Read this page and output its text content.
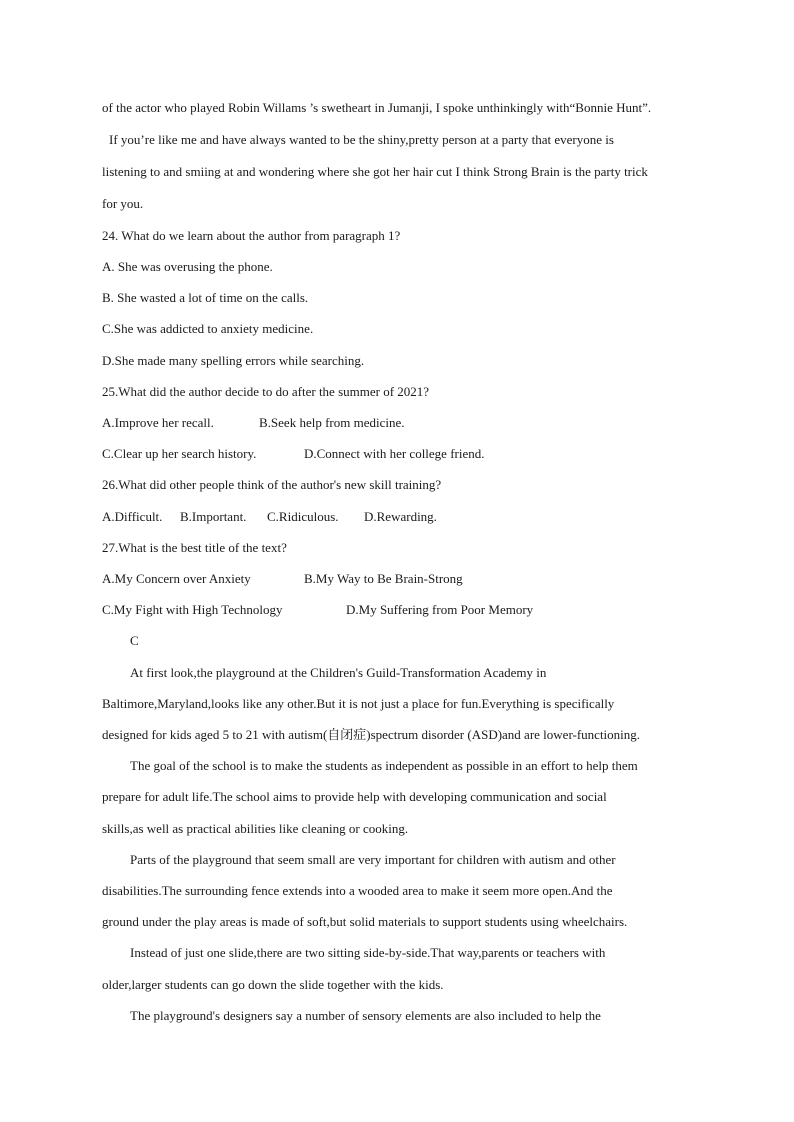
of the actor who played Robin Willams ’s swetheart in Jumanji, I spoke unthinkingly with“Bonnie Hunt”.
If you’re like me and have always wanted to be the shiny,pretty person at a party that everyone is
listening to and smiing at and wondering where she got her hair cut I think Strong Brain is the party trick
for you.
24. What do we learn about the author from paragraph 1?
A. She was overusing the phone.
B. She wasted a lot of time on the calls.
C.She was addicted to anxiety medicine.
D.She made many spelling errors while searching.
25.What did the author decide to do after the summer of 2021?
A.Improve her recall.	B.Seek help from medicine.
C.Clear up her search history.	D.Connect with her college friend.
26.What did other people think of the author's new skill training?
A.Difficult. B.Important. C.Ridiculous. D.Rewarding.
27.What is the best title of the text?
A.My Concern over Anxiety	B.My Way to Be Brain-Strong
C.My Fight with High Technology	D.My Suffering from Poor Memory
C
At first look,the playground at the Children's Guild-Transformation Academy in
Baltimore,Maryland,looks like any other.But it is not just a place for fun.Everything is specifically
designed for kids aged 5 to 21 with autism(自闭症)spectrum disorder (ASD)and are lower-functioning.
The goal of the school is to make the students as independent as possible in an effort to help them
prepare for adult life.The school aims to provide help with developing communication and social
skills,as well as practical abilities like cleaning or cooking.
Parts of the playground that seem small are very important for children with autism and other
disabilities.The surrounding fence extends into a wooded area to make it seem more open.And the
ground under the play areas is made of soft,but solid materials to support students using wheelchairs.
Instead of just one slide,there are two sitting side-by-side.That way,parents or teachers with
older,larger students can go down the slide together with the kids.
The playground's designers say a number of sensory elements are also included to help the
